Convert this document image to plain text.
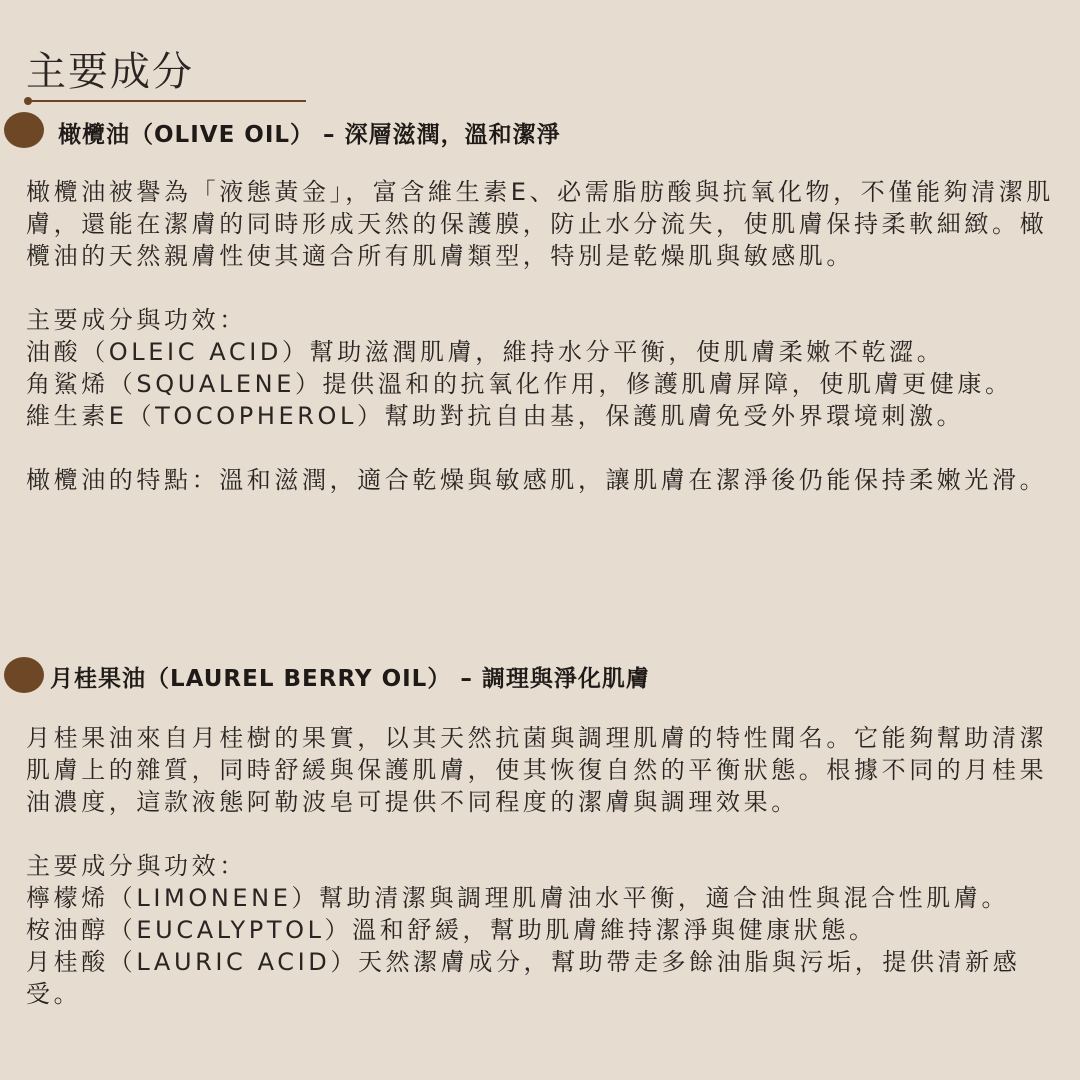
主要成分
橄欖油（OLIVE OIL） – 深層滋潤，溫和潔淨

橄欖油被譽為「液態黃金」，富含維生素E、必需脂肪酸與抗氧化物，不僅能夠清潔肌膚，還能在潔膚的同時形成天然的保護膜，防止水分流失，使肌膚保持柔軟細緻。橄欖油的天然親膚性使其適合所有肌膚類型，特別是乾燥肌與敏感肌。

主要成分與功效：

油酸（OLEIC ACID）幫助滋潤肌膚，維持水分平衡，使肌膚柔嫩不乾澀。

角鯊烯（SQUALENE）提供溫和的抗氧化作用，修護肌膚屏障，使肌膚更健康。

維生素E（TOCOPHEROL）幫助對抗自由基，保護肌膚免受外界環境刺激。

橄欖油的特點：溫和滋潤，適合乾燥與敏感肌，讓肌膚在潔淨後仍能保持柔嫩光滑。

月桂果油（LAUREL BERRY OIL） – 調理與淨化肌膚

月桂果油來自月桂樹的果實，以其天然抗菌與調理肌膚的特性聞名。它能夠幫助清潔肌膚上的雜質，同時舒緩與保護肌膚，使其恢復自然的平衡狀態。根據不同的月桂果油濃度，這款液態阿勒波皂可提供不同程度的潔膚與調理效果。

主要成分與功效：

檸檬烯（LIMONENE）幫助清潔與調理肌膚油水平衡，適合油性與混合性肌膚。

桉油醇（EUCALYPTOL）溫和舒緩，幫助肌膚維持潔淨與健康狀態。

月桂酸（LAURIC ACID）天然潔膚成分，幫助帶走多餘油脂與污垢，提供清新感受。
